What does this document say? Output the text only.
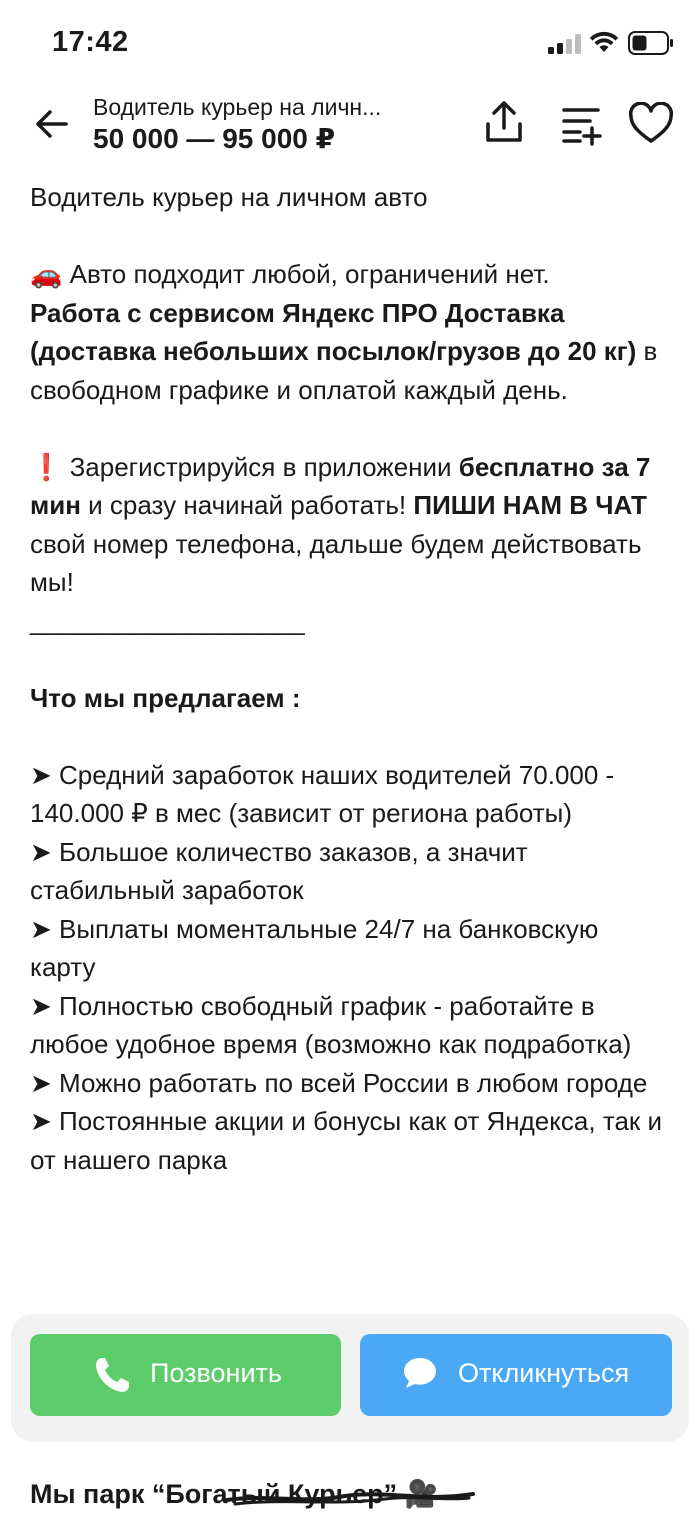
17:42
Водитель курьер на личн...
50 000 — 95 000 ₽

Водитель курьер на личном авто

🚗 Авто подходит любой, ограничений нет.

Работа с сервисом Яндекс ПРО Доставка (доставка небольших посылок/грузов до 20 кг) в свободном графике и оплатой каждый день.

❗ Зарегистрируйся в приложении бесплатно за 7 мин и сразу начинай работать! ПИШИ НАМ В ЧАТ свой номер телефона, дальше будем действовать мы!

___________________

Что мы предлагаем :

➤ Средний заработок наших водителей 70.000 - 140.000 ₽ в мес (зависит от региона работы)

➤ Большое количество заказов, а значит стабильный заработок

➤ Выплаты моментальные 24/7 на банковскую карту

➤ Полностью свободный график - работайте в любое удобное время (возможно как подработка)

➤ Можно работать по всей России в любом городе

➤ Постоянные акции и бонусы как от Яндекса, так и от нашего парка

Позвонить	Откликнуться
Мы парк “Богатый Курьер” 🎥
